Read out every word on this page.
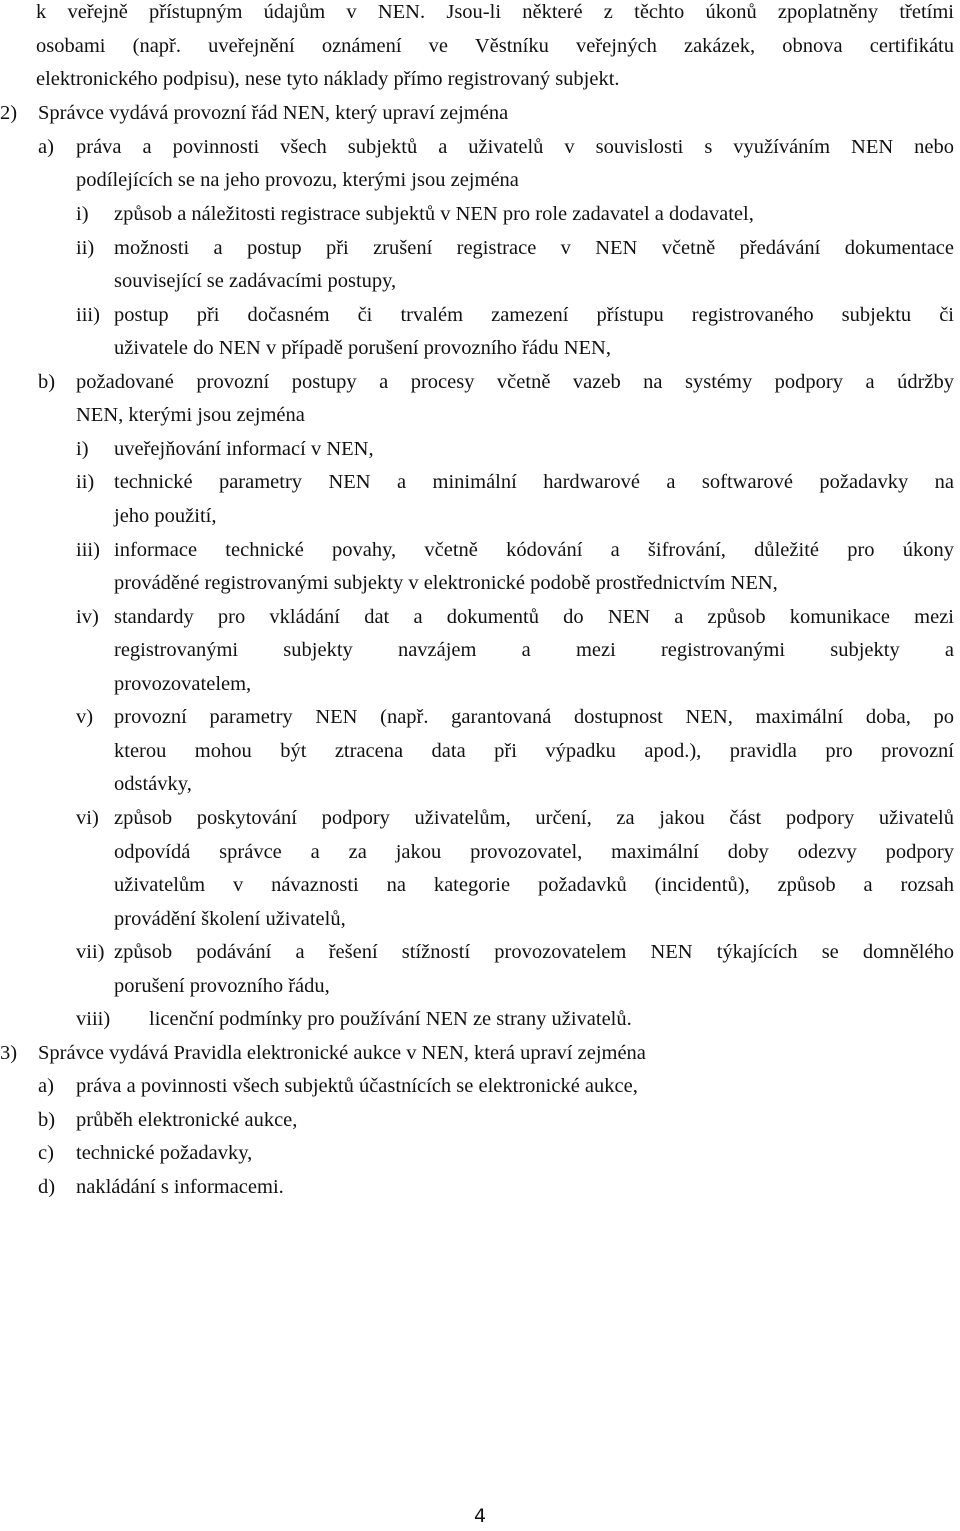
k veřejně přístupným údajům v NEN. Jsou-li některé z těchto úkonů zpoplatněny třetími
osobami (např. uveřejnění oznámení ve Věstníku veřejných zakázek, obnova certifikátu
elektronického podpisu), nese tyto náklady přímo registrovaný subjekt.
2) Správce vydává provozní řád NEN, který upraví zejména
a) práva a povinnosti všech subjektů a uživatelů v souvislosti s využíváním NEN nebo
podílejících se na jeho provozu, kterými jsou zejména
i) způsob a náležitosti registrace subjektů v NEN pro role zadavatel a dodavatel,
ii) možnosti a postup při zrušení registrace v NEN včetně předávání dokumentace
související se zadávacími postupy,
iii) postup při dočasném či trvalém zamezení přístupu registrovaného subjektu či
uživatele do NEN v případě porušení provozního řádu NEN,
b) požadované provozní postupy a procesy včetně vazeb na systémy podpory a údržby
NEN, kterými jsou zejména
i) uveřejňování informací v NEN,
ii) technické parametry NEN a minimální hardwarové a softwarové požadavky na
jeho použití,
iii) informace technické povahy, včetně kódování a šifrování, důležité pro úkony
prováděné registrovanými subjekty v elektronické podobě prostřednictvím NEN,
iv) standardy pro vkládání dat a dokumentů do NEN a způsob komunikace mezi
registrovanými subjekty navzájem a mezi registrovanými subjekty a
provozovatelem,
v) provozní parametry NEN (např. garantovaná dostupnost NEN, maximální doba, po
kterou mohou být ztracena data při výpadku apod.), pravidla pro provozní
odstávky,
vi) způsob poskytování podpory uživatelům, určení, za jakou část podpory uživatelů
odpovídá správce a za jakou provozovatel, maximální doby odezvy podpory
uživatelům v návaznosti na kategorie požadavků (incidentů), způsob a rozsah
provádění školení uživatelů,
vii) způsob podávání a řešení stížností provozovatelem NEN týkajících se domnělého
porušení provozního řádu,
viii) licenční podmínky pro používání NEN ze strany uživatelů.
3) Správce vydává Pravidla elektronické aukce v NEN, která upraví zejména
a) práva a povinnosti všech subjektů účastnících se elektronické aukce,
b) průběh elektronické aukce,
c) technické požadavky,
d) nakládání s informacemi.
4
